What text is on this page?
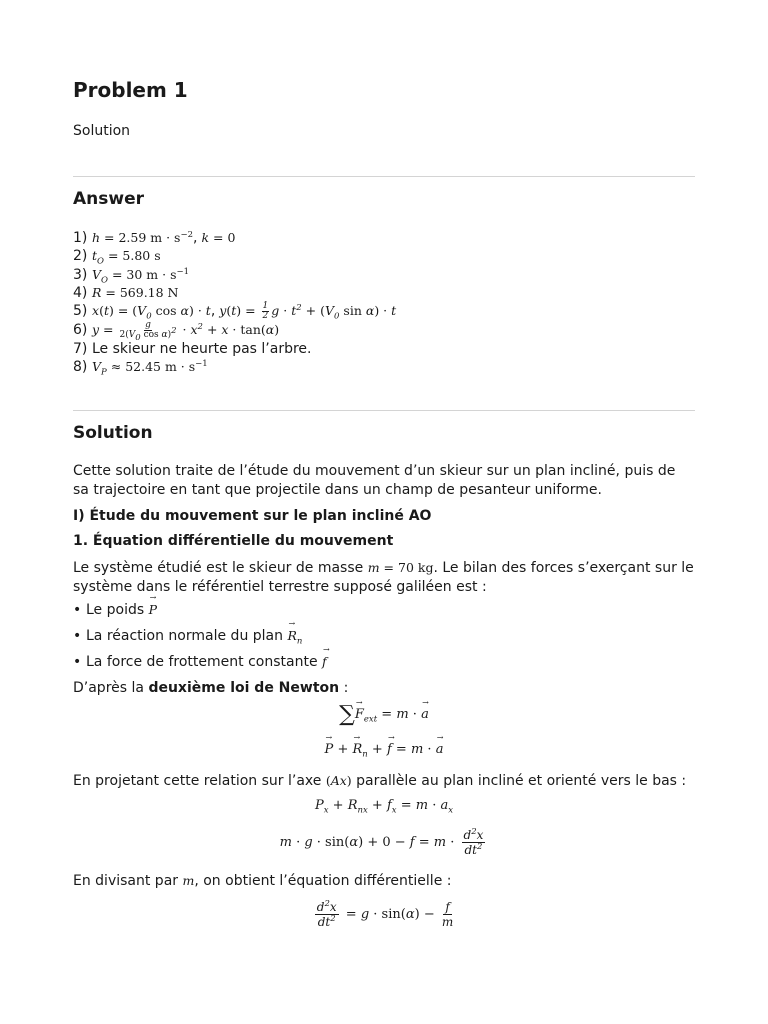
Problem 1
Solution
Answer
1) h = 2.59 $m \cdot s^{-2}$, k = 0
2) $t_O = 5.80$ s
3) $V_O = 30$ $m \cdot s^{-1}$
4) R = 569.18 N
5) $x(t) = (V_0$ cos α) · t, $y(t) = \frac{1}{2}$ $g \cdot t^2 + (V_0$ sin α) · t
6) $y = \frac{g}{2(V_0 \cos \alpha)^2} \cdot x^2 + x \cdot \tan(\alpha)$
7) Le skieur ne heurte pas l’arbre.
8) $V_P \approx 52.45$ $m \cdot s^{-1}$
Solution
Cette solution traite de l’étude du mouvement d’un skieur sur un plan incliné, puis de sa trajectoire en tant que projectile dans un champ de pesanteur uniforme.
I) Étude du mouvement sur le plan incliné AO
1. Équation différentielle du mouvement
Le système étudié est le skieur de masse m = 70 kg. Le bilan des forces s’exerçant sur le système dans le référentiel terrestre supposé galiléen est :
• Le poids → P
• La réaction normale du plan → $R_n$
• La force de frottement constante → f
D’après la deuxième loi de Newton :
∑→ $F_{ext} = m$ · → a
→ P + → $R_n$ + → f = m · → a
En projetant cette relation sur l’axe (Ax) parallèle au plan incliné et orienté vers le bas :
$P_x + R_{nx} + f_x = m \cdot a_x$
$m \cdot g \cdot \sin(\alpha) + 0 - f = m \cdot \frac{d^2x}{dt^2}$
En divisant par m, on obtient l’équation différentielle :
$\frac{d^2x}{dt^2} = g \cdot \sin(\alpha) - \frac{f}{m}$
